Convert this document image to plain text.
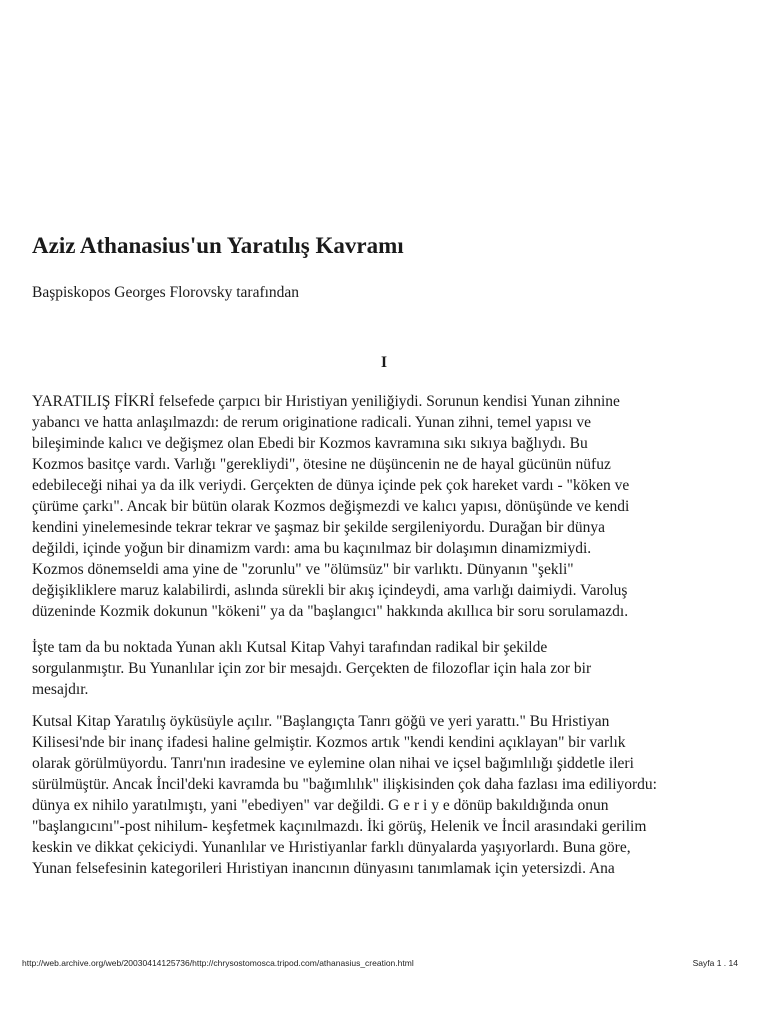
Aziz Athanasius'un Yaratılış Kavramı

Başpiskopos Georges Florovsky tarafından

I

YARATILIŞ FİKRİ felsefede çarpıcı bir Hıristiyan yeniliğiydi. Sorunun kendisi Yunan zihnine
yabancı ve hatta anlaşılmazdı: de rerum originatione radicali. Yunan zihni, temel yapısı ve
bileşiminde kalıcı ve değişmez olan Ebedi bir Kozmos kavramına sıkı sıkıya bağlıydı. Bu
Kozmos basitçe vardı. Varlığı "gerekliydi", ötesine ne düşüncenin ne de hayal gücünün nüfuz
edebileceği nihai ya da ilk veriydi. Gerçekten de dünya içinde pek çok hareket vardı - "köken ve
çürüme çarkı". Ancak bir bütün olarak Kozmos değişmezdi ve kalıcı yapısı, dönüşünde ve kendi
kendini yinelemesinde tekrar tekrar ve şaşmaz bir şekilde sergileniyordu. Durağan bir dünya
değildi, içinde yoğun bir dinamizm vardı: ama bu kaçınılmaz bir dolaşımın dinamizmiydi.
Kozmos dönemseldi ama yine de "zorunlu" ve "ölümsüz" bir varlıktı. Dünyanın "şekli"
değişikliklere maruz kalabilirdi, aslında sürekli bir akış içindeydi, ama varlığı daimiydi. Varoluş
düzeninde Kozmik dokunun "kökeni" ya da "başlangıcı" hakkında akıllıca bir soru sorulamazdı.

İşte tam da bu noktada Yunan aklı Kutsal Kitap Vahyi tarafından radikal bir şekilde
sorgulanmıştır. Bu Yunanlılar için zor bir mesajdı. Gerçekten de filozoflar için hala zor bir
mesajdır.

Kutsal Kitap Yaratılış öyküsüyle açılır. "Başlangıçta Tanrı göğü ve yeri yarattı." Bu Hristiyan
Kilisesi'nde bir inanç ifadesi haline gelmiştir. Kozmos artık "kendi kendini açıklayan" bir varlık
olarak görülmüyordu. Tanrı'nın iradesine ve eylemine olan nihai ve içsel bağımlılığı şiddetle ileri
sürülmüştür. Ancak İncil'deki kavramda bu "bağımlılık" ilişkisinden çok daha fazlası ima ediliyordu:
dünya ex nihilo yaratılmıştı, yani "ebediyen" var değildi. G e r i y e dönüp bakıldığında onun
"başlangıcını"-post nihilum- keşfetmek kaçınılmazdı. İki görüş, Helenik ve İncil arasındaki gerilim
keskin ve dikkat çekiciydi. Yunanlılar ve Hıristiyanlar farklı dünyalarda yaşıyorlardı. Buna göre,
Yunan felsefesinin kategorileri Hıristiyan inancının dünyasını tanımlamak için yetersizdi. Ana

http://web.archive.org/web/20030414125736/http://chrysostomosca.tripod.com/athanasius_creation.html	Sayfa 1 . 14
